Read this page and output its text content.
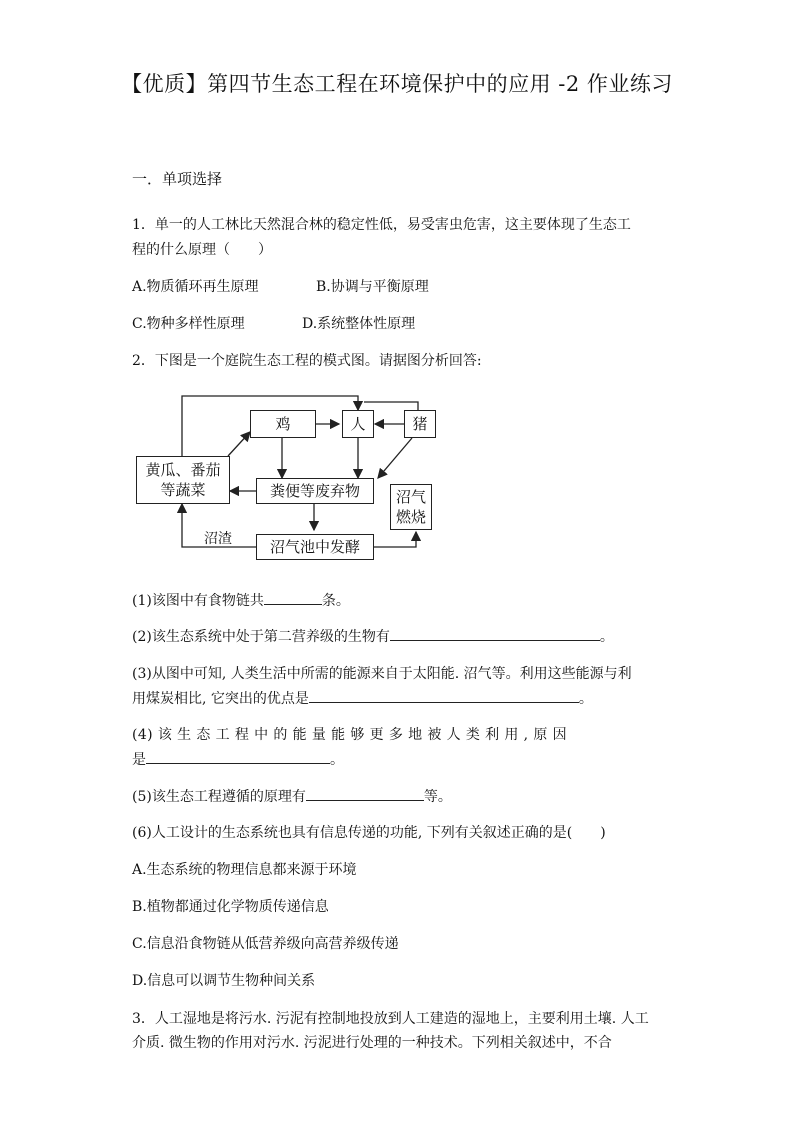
【优质】第四节生态工程在环境保护中的应用 -2 作业练习
一．单项选择
1．单一的人工林比天然混合林的稳定性低，易受害虫危害，这主要体现了生态工
程的什么原理（　　）
A.物质循环再生原理	B.协调与平衡原理
C.物种多样性原理	D.系统整体性原理
2．下图是一个庭院生态工程的模式图。请据图分析回答:
鸡	人	猪
黄瓜、番茄等蔬菜	粪便等废弃物	沼气燃烧
沼气池中发酵
沼渣
(1)该图中有食物链共	条。
(2)该生态系统中处于第二营养级的生物有	。
(3)从图中可知, 人类生活中所需的能源来自于太阳能. 沼气等。利用这些能源与利
用煤炭相比, 它突出的优点是	。
(4) 该 生 态 工 程 中 的 能 量 能 够 更 多 地 被 人 类 利 用 , 原 因
是	。
(5)该生态工程遵循的原理有	等。
(6)人工设计的生态系统也具有信息传递的功能, 下列有关叙述正确的是(　　)
A.生态系统的物理信息都来源于环境
B.植物都通过化学物质传递信息
C.信息沿食物链从低营养级向高营养级传递
D.信息可以调节生物种间关系
3．人工湿地是将污水. 污泥有控制地投放到人工建造的湿地上，主要利用土壤. 人工介质. 微生物的作用对污水. 污泥进行处理的一种技术。下列相关叙述中，不合
